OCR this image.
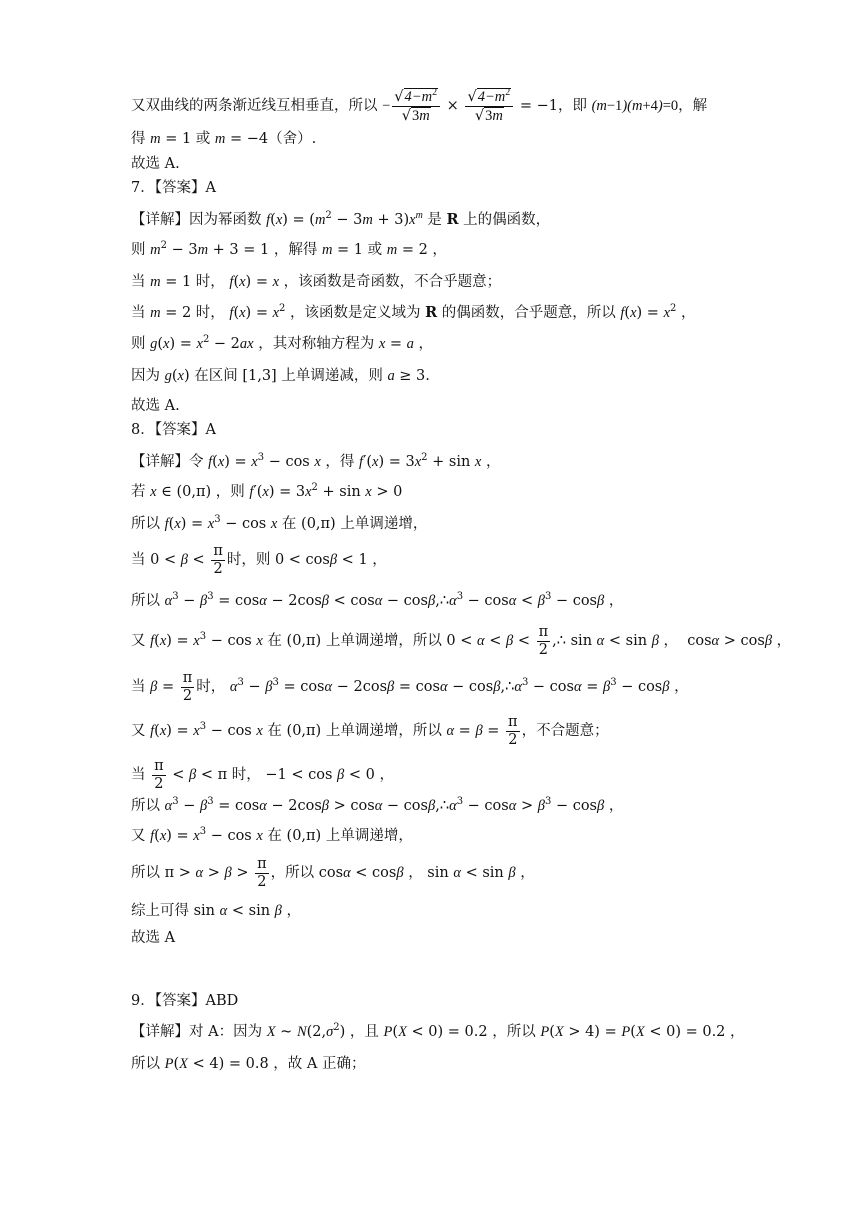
又双曲线的两条渐近线互相垂直，所以 − $\frac{√4-m^2}{√3m} \times \frac{√4-m^2}{√3m} = -1$，即 (m−1)(m+4)=0，解
得 m = 1 或 m = −4（舍）.
故选 A.
7．【答案】A
【详解】因为幂函数 $f(x) = (m^2 - 3m + 3)x^m$ 是 R 上的偶函数，
则 $m^2 - 3m + 3 = 1$ ，解得 m = 1 或 m = 2 ，
当 m = 1 时， f(x) = x ，该函数是奇函数，不合乎题意；
当 m = 2 时， $f(x) = x^2$ ，该函数是定义域为 R 的偶函数，合乎题意，所以 $f(x) = x^2$ ，
则 $g(x) = x^2 - 2ax$ ，其对称轴方程为 x = a ，
因为 g(x) 在区间 [1,3] 上单调递减，则 a ≥ 3.
故选 A.
8．【答案】A
【详解】令 $f(x) = x^3 - \cos x$ ，得 $f'(x) = 3x^2 + \sin x$ ，
若 x ∈ (0,π) ，则 $f'(x) = 3x^2 + \sin x > 0$
所以 $f(x) = x^3 - \cos x$ 在 (0,π) 上单调递增，
当 $0 < \beta < \frac{\pi}{2}$ 时，则 0 < cosβ < 1 ，
所以 $\alpha^3 - \beta^3 = \cos\alpha - 2\cos\beta < \cos\alpha$ − $\cos\beta,\therefore\alpha^3 - \cos\alpha < \beta^3 - \cos\beta$ ，
又 $f(x) = x^3 - \cos x$ 在 (0,π) 上单调递增，所以 $0 < \alpha < \beta < \frac{\pi}{2}$ ,∴ sin α < sin β ，  cosα > cosβ ，
当 $\beta = \frac{\pi}{2}$ 时， $\alpha^3 - \beta^3 = \cos\alpha - 2\cos\beta = \cos\alpha$ − $\cos\beta,\therefore\alpha^3 - \cos\alpha = \beta^3 - \cos\beta$ ，
又 $f(x) = x^3 - \cos x$ 在 (0,π) 上单调递增，所以 $\alpha = \beta = \frac{\pi}{2}$ ，不合题意；
当 $\frac{\pi}{2} < \beta < \pi$ 时， −1 < cos β < 0 ，
所以 $\alpha^3 - \beta^3 = \cos\alpha - 2\cos\beta > \cos\alpha$ − $\cos\beta,\therefore\alpha^3 - \cos\alpha > \beta^3 - \cos\beta$ ，
又 $f(x) = x^3 - \cos x$ 在 (0,π) 上单调递增，
所以 $\pi > \alpha > \beta > \frac{\pi}{2}$ ，所以 cosα < cosβ ， sin α < sin β ，
综上可得 sin α < sin β ，
故选 A
9．【答案】ABD
【详解】对 A：因为 X ~ $N(2,\sigma^2)$ ，且 P(X < 0) = 0.2 ，所以 P(X > 4) = P(X < 0) = 0.2 ，
所以 P(X < 4) = 0.8 ，故 A 正确；
